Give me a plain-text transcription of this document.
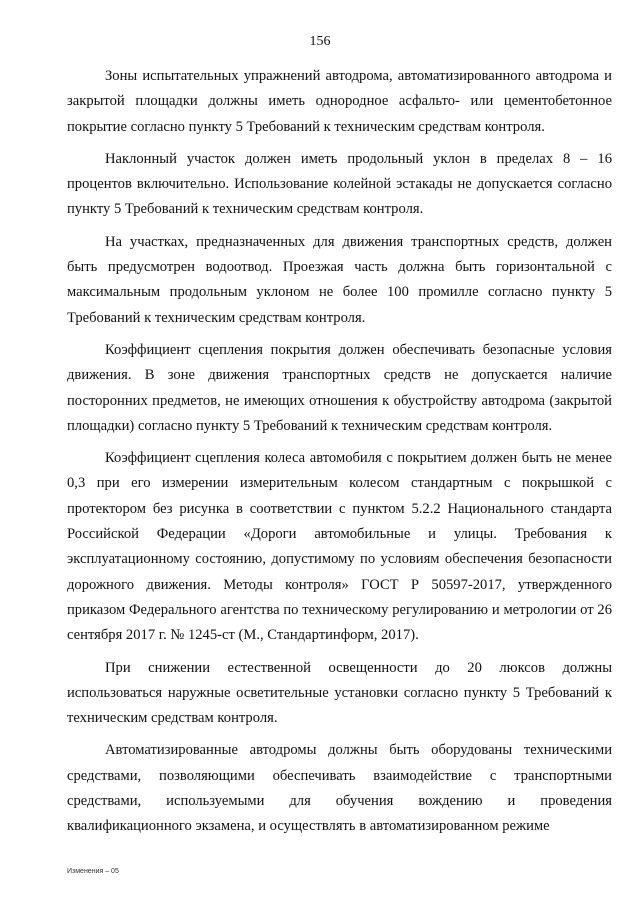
156

Зоны испытательных упражнений автодрома, автоматизированного автодрома и закрытой площадки должны иметь однородное асфальто- или цементобетонное покрытие согласно пункту 5 Требований к техническим средствам контроля.

Наклонный участок должен иметь продольный уклон в пределах 8 – 16 процентов включительно. Использование колейной эстакады не допускается согласно пункту 5 Требований к техническим средствам контроля.

На участках, предназначенных для движения транспортных средств, должен быть предусмотрен водоотвод. Проезжая часть должна быть горизонтальной с максимальным продольным уклоном не более 100 промилле согласно пункту 5 Требований к техническим средствам контроля.

Коэффициент сцепления покрытия должен обеспечивать безопасные условия движения. В зоне движения транспортных средств не допускается наличие посторонних предметов, не имеющих отношения к обустройству автодрома (закрытой площадки) согласно пункту 5 Требований к техническим средствам контроля.

Коэффициент сцепления колеса автомобиля с покрытием должен быть не менее 0,3 при его измерении измерительным колесом стандартным с покрышкой с протектором без рисунка в соответствии с пунктом 5.2.2 Национального стандарта Российской Федерации «Дороги автомобильные и улицы. Требования к эксплуатационному состоянию, допустимому по условиям обеспечения безопасности дорожного движения. Методы контроля» ГОСТ Р 50597-2017, утвержденного приказом Федерального агентства по техническому регулированию и метрологии от 26 сентября 2017 г. № 1245-ст (М., Стандартинформ, 2017).

При снижении естественной освещенности до 20 люксов должны использоваться наружные осветительные установки согласно пункту 5 Требований к техническим средствам контроля.

Автоматизированные автодромы должны быть оборудованы техническими средствами, позволяющими обеспечивать взаимодействие с транспортными средствами, используемыми для обучения вождению и проведения квалификационного экзамена, и осуществлять в автоматизированном режиме

Изменения – 05
